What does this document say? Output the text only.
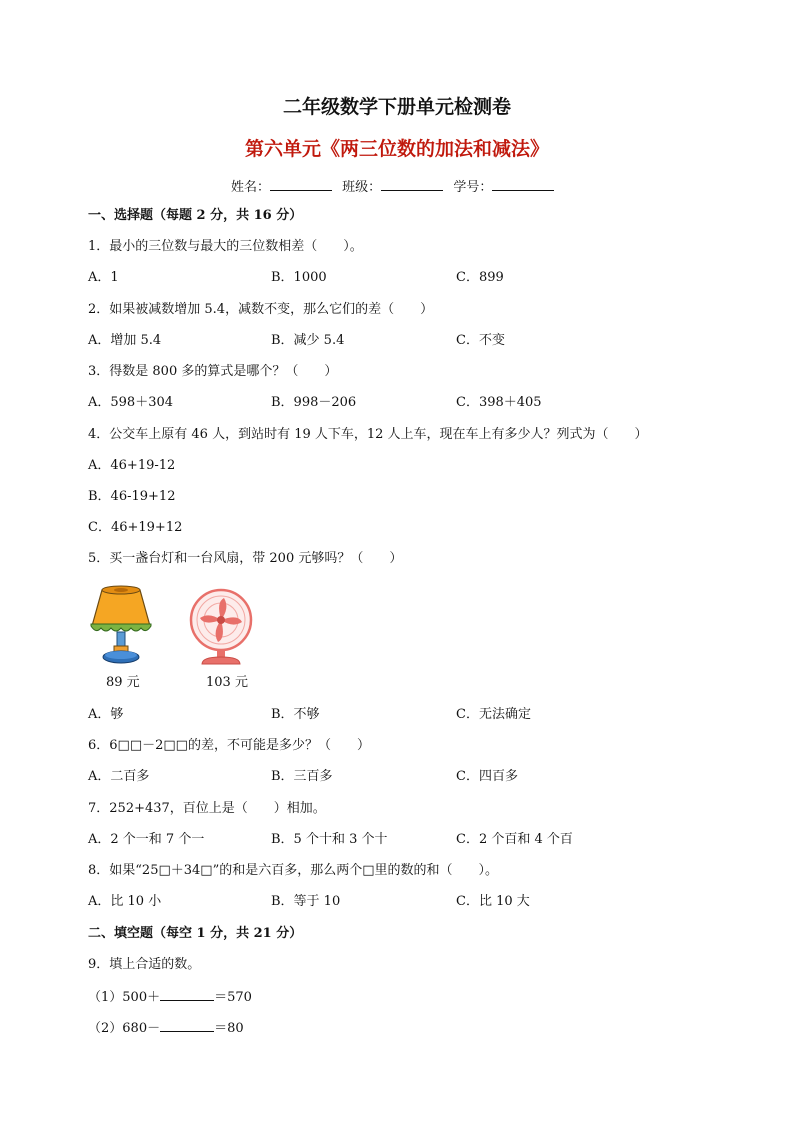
二年级数学下册单元检测卷
第六单元《两三位数的加法和减法》
姓名：	班级：	学号：
一、选择题（每题 2 分，共 16 分）
1．最小的三位数与最大的三位数相差（　　）。
A．1	B．1000	C．899
2．如果被减数增加 5.4，减数不变，那么它们的差（　　）
A．增加 5.4	B．减少 5.4	C．不变
3．得数是 800 多的算式是哪个？（　　）
A．598＋304	B．998－206	C．398＋405
4．公交车上原有 46 人，到站时有 19 人下车，12 人上车，现在车上有多少人？列式为（　　）
A．46+19-12
B．46-19+12
C．46+19+12
5．买一盏台灯和一台风扇，带 200 元够吗？（　　）
89 元	103 元
A．够	B．不够	C．无法确定
6．6□□－2□□的差，不可能是多少？（　　）
A．二百多	B．三百多	C．四百多
7．252+437，百位上是（　　）相加。
A．2 个一和 7 个一	B．5 个十和 3 个十	C．2 个百和 4 个百
8．如果“25□＋34□”的和是六百多，那么两个□里的数的和（　　）。
A．比 10 小	B．等于 10	C．比 10 大
二、填空题（每空 1 分，共 21 分）
9．填上合适的数。
（1）500＋	＝570
（2）680－	＝80
